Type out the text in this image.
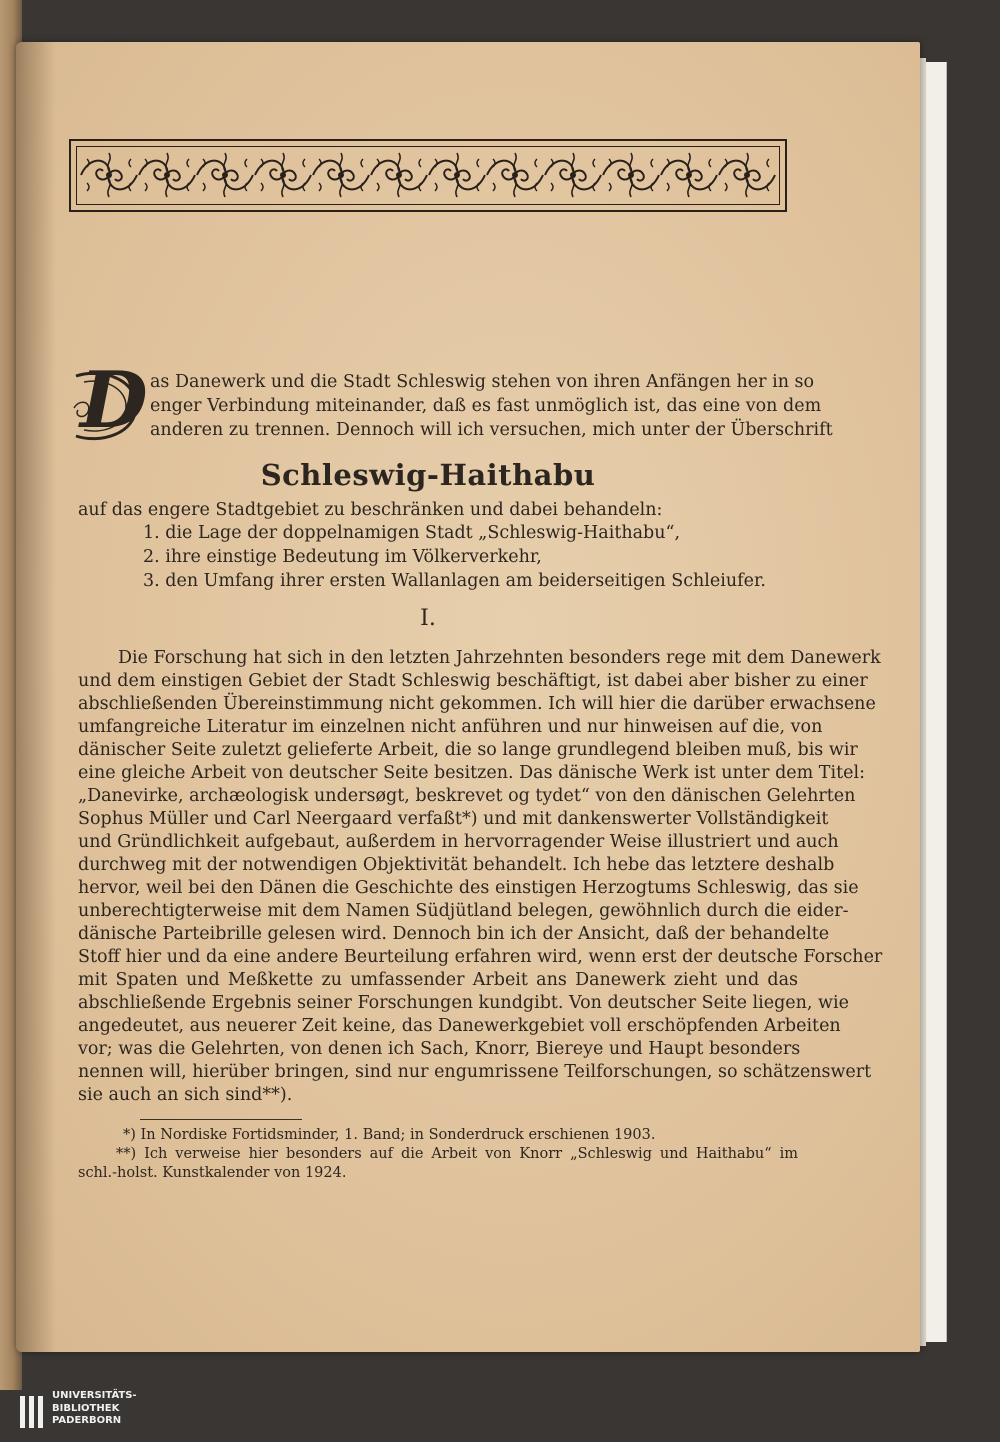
D as Danewerk und die Stadt Schleswig stehen von ihren Anfängen her in so
enger Verbindung miteinander, daß es fast unmöglich ist, das eine von dem
anderen zu trennen. Dennoch will ich versuchen, mich unter der Überschrift
Schleswig-Haithabu
auf das engere Stadtgebiet zu beschränken und dabei behandeln:
1. die Lage der doppelnamigen Stadt „Schleswig-Haithabu“,
2. ihre einstige Bedeutung im Völkerverkehr,
3. den Umfang ihrer ersten Wallanlagen am beiderseitigen Schleiufer.
I.
Die Forschung hat sich in den letzten Jahrzehnten besonders rege mit dem Danewerk
und dem einstigen Gebiet der Stadt Schleswig beschäftigt, ist dabei aber bisher zu einer
abschließenden Übereinstimmung nicht gekommen. Ich will hier die darüber erwachsene
umfangreiche Literatur im einzelnen nicht anführen und nur hinweisen auf die, von
dänischer Seite zuletzt gelieferte Arbeit, die so lange grundlegend bleiben muß, bis wir
eine gleiche Arbeit von deutscher Seite besitzen. Das dänische Werk ist unter dem Titel:
„Danevirke, archæologisk undersøgt, beskrevet og tydet“ von den dänischen Gelehrten
Sophus Müller und Carl Neergaard verfaßt*) und mit dankenswerter Vollständigkeit
und Gründlichkeit aufgebaut, außerdem in hervorragender Weise illustriert und auch
durchweg mit der notwendigen Objektivität behandelt. Ich hebe das letztere deshalb
hervor, weil bei den Dänen die Geschichte des einstigen Herzogtums Schleswig, das sie
unberechtigterweise mit dem Namen Südjütland belegen, gewöhnlich durch die eider-
dänische Parteibrille gelesen wird. Dennoch bin ich der Ansicht, daß der behandelte
Stoff hier und da eine andere Beurteilung erfahren wird, wenn erst der deutsche Forscher
mit Spaten und Meßkette zu umfassender Arbeit ans Danewerk zieht und das
abschließende Ergebnis seiner Forschungen kundgibt. Von deutscher Seite liegen, wie
angedeutet, aus neuerer Zeit keine, das Danewerkgebiet voll erschöpfenden Arbeiten
vor; was die Gelehrten, von denen ich Sach, Knorr, Biereye und Haupt besonders
nennen will, hierüber bringen, sind nur engumrissene Teilforschungen, so schätzenswert
sie auch an sich sind**).
*) In Nordiske Fortidsminder, 1. Band; in Sonderdruck erschienen 1903.
**) Ich verweise hier besonders auf die Arbeit von Knorr „Schleswig und Haithabu“ im
schl.-holst. Kunstkalender von 1924.
UNIVERSITÄTS-
BIBLIOTHEK
PADERBORN
